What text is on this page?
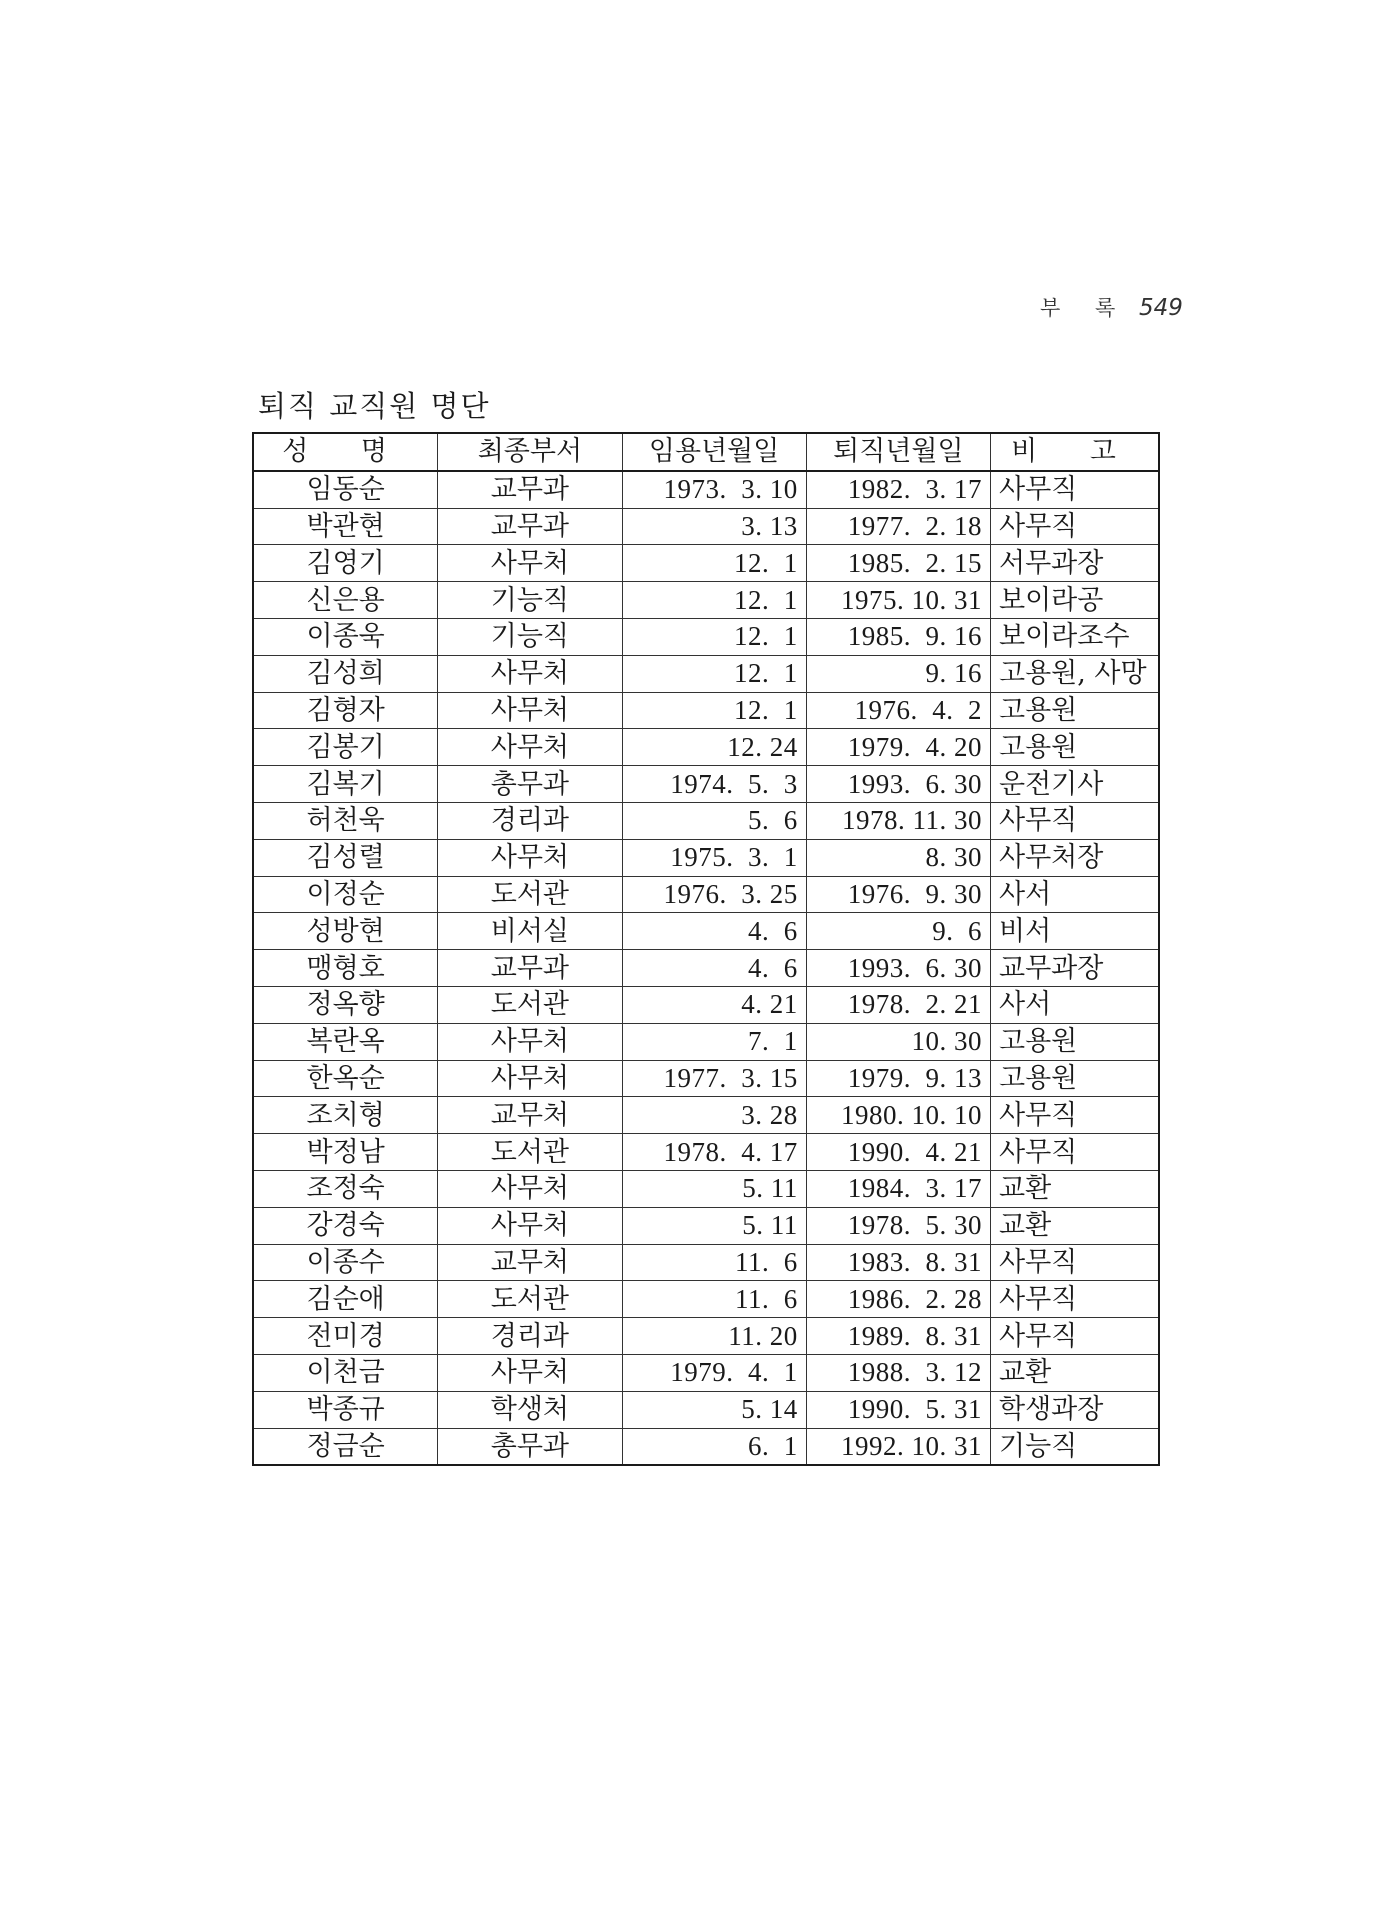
부 록 549
퇴직 교직원 명단
성 명	최종부서	임용년월일	퇴직년월일	비 고
임동순	교무과	1973.  3. 10	1982.  3. 17	사무직
박관현	교무과	3. 13	1977.  2. 18	사무직
김영기	사무처	12.  1	1985.  2. 15	서무과장
신은용	기능직	12.  1	1975. 10. 31	보이라공
이종욱	기능직	12.  1	1985.  9. 16	보이라조수
김성희	사무처	12.  1	9. 16	고용원, 사망
김형자	사무처	12.  1	1976.  4.  2	고용원
김봉기	사무처	12. 24	1979.  4. 20	고용원
김복기	총무과	1974.  5.  3	1993.  6. 30	운전기사
허천욱	경리과	5.  6	1978. 11. 30	사무직
김성렬	사무처	1975.  3.  1	8. 30	사무처장
이정순	도서관	1976.  3. 25	1976.  9. 30	사서
성방현	비서실	4.  6	9.  6	비서
맹형호	교무과	4.  6	1993.  6. 30	교무과장
정옥향	도서관	4. 21	1978.  2. 21	사서
복란옥	사무처	7.  1	10. 30	고용원
한옥순	사무처	1977.  3. 15	1979.  9. 13	고용원
조치형	교무처	3. 28	1980. 10. 10	사무직
박정남	도서관	1978.  4. 17	1990.  4. 21	사무직
조정숙	사무처	5. 11	1984.  3. 17	교환
강경숙	사무처	5. 11	1978.  5. 30	교환
이종수	교무처	11.  6	1983.  8. 31	사무직
김순애	도서관	11.  6	1986.  2. 28	사무직
전미경	경리과	11. 20	1989.  8. 31	사무직
이천금	사무처	1979.  4.  1	1988.  3. 12	교환
박종규	학생처	5. 14	1990.  5. 31	학생과장
정금순	총무과	6.  1	1992. 10. 31	기능직
